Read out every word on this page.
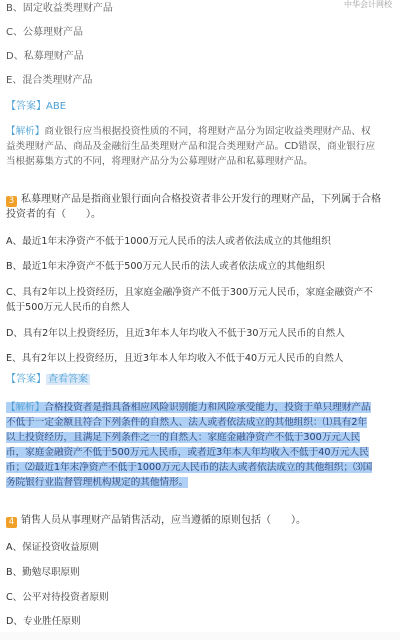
中华会计网校
B、固定收益类理财产品
C、公募理财产品
D、私募理财产品
E、混合类理财产品
【答案】ABE
【解析】商业银行应当根据投资性质的不同，将理财产品分为固定收益类理财产品、权
益类理财产品、商品及金融衍生品类理财产品和混合类理财产品。CD错误，商业银行应
当根据募集方式的不同，将理财产品分为公募理财产品和私募理财产品。
3 私募理财产品是指商业银行面向合格投资者非公开发行的理财产品，下列属于合格
投资者的有（　　）。
A、最近1年末净资产不低于1000万元人民币的法人或者依法成立的其他组织
B、最近1年末净资产不低于500万元人民币的法人或者依法成立的其他组织
C、具有2年以上投资经历，且家庭金融净资产不低于300万元人民币，家庭金融资产不
低于500万元人民币的自然人
D、具有2年以上投资经历，且近3年本人年均收入不低于30万元人民币的自然人
E、具有2年以上投资经历，且近3年本人年均收入不低于40万元人民币的自然人
【答案】 查看答案
【解析】合格投资者是指具备相应风险识别能力和风险承受能力，投资于单只理财产品
不低于一定金额且符合下列条件的自然人、法人或者依法成立的其他组织：⑴具有2年
以上投资经历，且满足下列条件之一的自然人：家庭金融净资产不低于300万元人民
币，家庭金融资产不低于500万元人民币，或者近3年本人年均收入不低于40万元人民
币；⑵最近1年末净资产不低于1000万元人民币的法人或者依法成立的其他组织；⑶国
务院银行业监督管理机构规定的其他情形。
4 销售人员从事理财产品销售活动，应当遵循的原则包括（　　）。
A、保证投资收益原则
B、勤勉尽职原则
C、公平对待投资者原则
D、专业胜任原则
